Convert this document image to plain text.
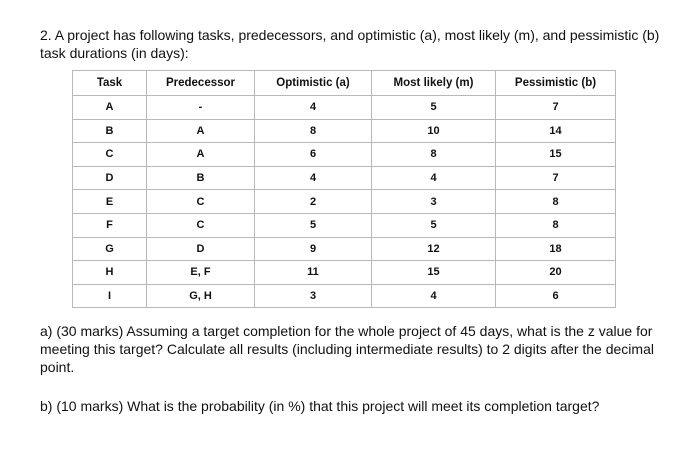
2. A project has following tasks, predecessors, and optimistic (a), most likely (m), and pessimistic (b) task durations (in days):
Task	Predecessor	Optimistic (a)	Most likely (m)	Pessimistic (b)
A	-	4	5	7
B	A	8	10	14
C	A	6	8	15
D	B	4	4	7
E	C	2	3	8
F	C	5	5	8
G	D	9	12	18
H	E, F	11	15	20
I	G, H	3	4	6
a) (30 marks) Assuming a target completion for the whole project of 45 days, what is the z value for meeting this target? Calculate all results (including intermediate results) to 2 digits after the decimal point.
b) (10 marks) What is the probability (in %) that this project will meet its completion target?
